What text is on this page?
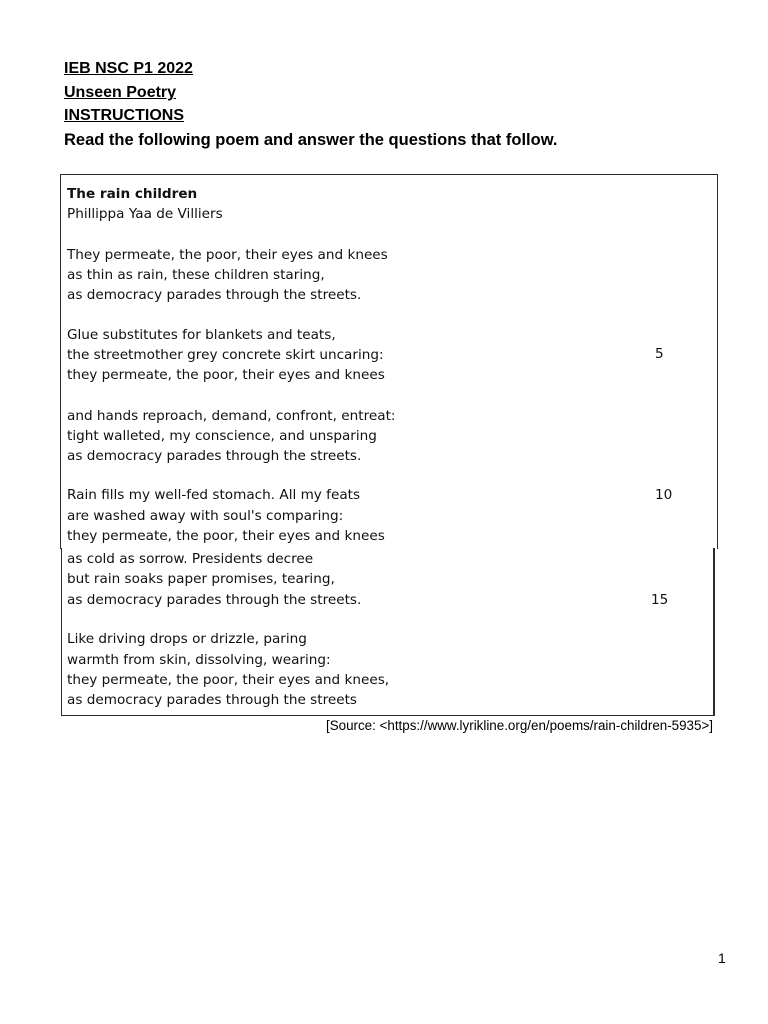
IEB NSC P1 2022
Unseen Poetry
INSTRUCTIONS
Read the following poem and answer the questions that follow.
The rain children
Phillippa Yaa de Villiers
They permeate, the poor, their eyes and knees
as thin as rain, these children staring,
as democracy parades through the streets.
Glue substitutes for blankets and teats,
the streetmother grey concrete skirt uncaring:
they permeate, the poor, their eyes and knees
and hands reproach, demand, confront, entreat:
tight walleted, my conscience, and unsparing
as democracy parades through the streets.
Rain fills my well-fed stomach. All my feats
are washed away with soul's comparing:
they permeate, the poor, their eyes and knees
as cold as sorrow. Presidents decree
but rain soaks paper promises, tearing,
as democracy parades through the streets.
Like driving drops or drizzle, paring
warmth from skin, dissolving, wearing:
they permeate, the poor, their eyes and knees,
as democracy parades through the streets
5
10
15
[Source: <https://www.lyrikline.org/en/poems/rain-children-5935>]
1
